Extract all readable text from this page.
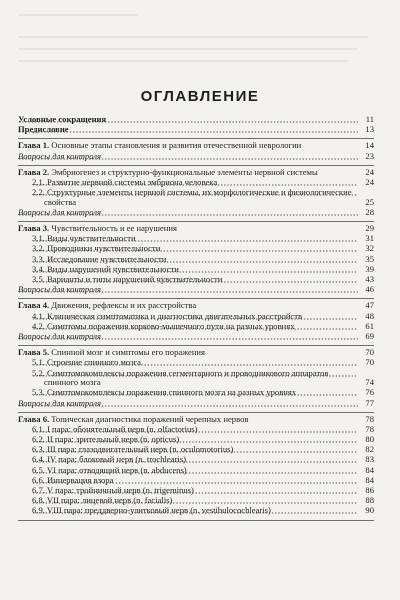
ОГЛАВЛЕНИЕ
Условные сокращения	11
Предисловие	13
Глава 1. Основные этапы становления и развития отечественной неврологии	14
Вопросы для контроля	23
Глава 2. Эмбриогенез и структурно-функциональные элементы нервной системы	24
2.1. Развитие нервной системы эмбриона человека	24
2.2. Структурные элементы нервной системы, их морфологические и физиологические свойства	25
Вопросы для контроля	28
Глава 3. Чувствительность и ее нарушения	29
3.1. Виды чувствительности	31
3.2. Проводники чувствительности	32
3.3. Исследование чувствительности	35
3.4. Виды нарушений чувствительности	39
3.5. Варианты и типы нарушений чувствительности	43
Вопросы для контроля	46
Глава 4. Движения, рефлексы и их расстройства	47
4.1. Клиническая симптоматика и диагностика двигательных расстройств	48
4.2. Симптомы поражения корково-мышечного пути на разных уровнях	61
Вопросы для контроля	69
Глава 5. Спинной мозг и симптомы его поражения	70
5.1. Строение спинного мозга	70
5.2. Симптомокомплексы поражения сегментарного и проводникового аппаратов спинного мозга	74
5.3. Симптомокомплексы поражения спинного мозга на разных уровнях	76
Вопросы для контроля	77
Глава 6. Топическая диагностика поражений черепных нервов	78
6.1. I пара: обонятельный нерв (n. olfactorius)	78
6.2. II пара: зрительный нерв (n. opticus)	80
6.3. III пара: глазодвигательный нерв (n. oculomotorius)	82
6.4. IV пара: блоковый нерв (n. trochlearis)	83
6.5. VI пара: отводящий нерв (n. abducens)	84
6.6. Иннервация взора	84
6.7. V пара: тройничный нерв (n. trigeminus)	86
6.8. VII пара: лицевой нерв (n. facialis)	88
6.9. VIII пара: преддверно-улитковый нерв (n. vestibulocochlearis)	90
